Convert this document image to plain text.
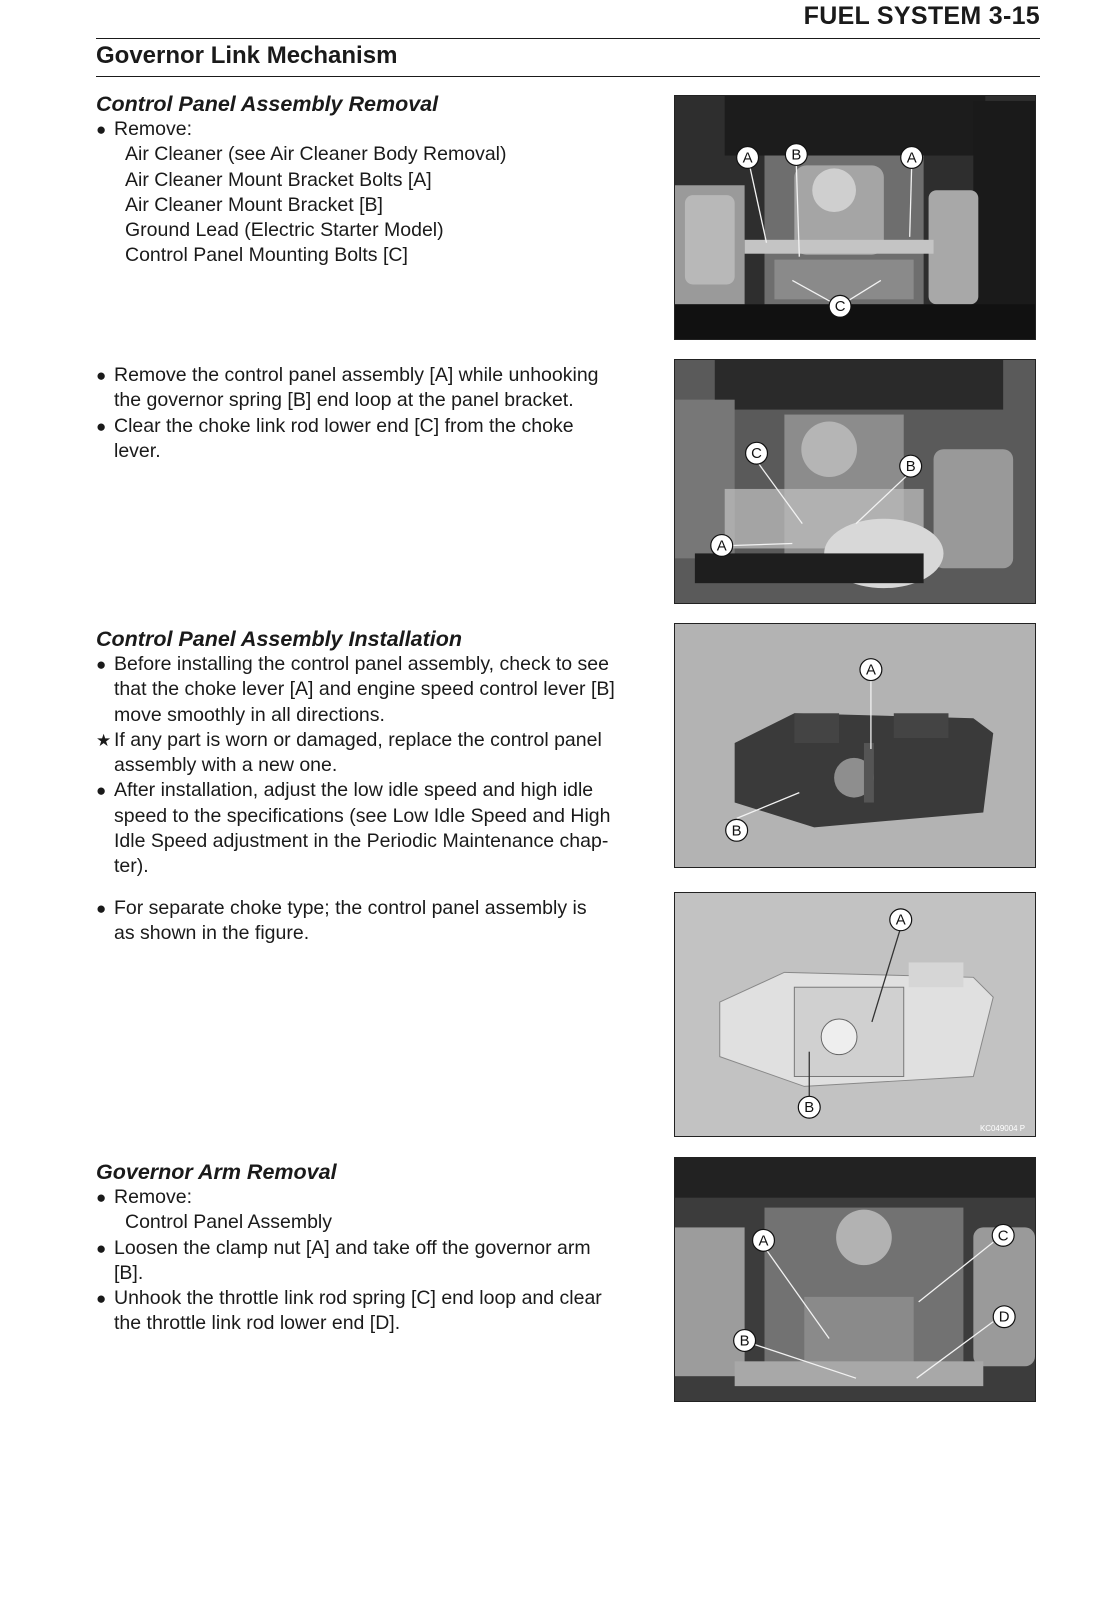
FUEL SYSTEM 3-15
Governor Link Mechanism
Control Panel Assembly Removal

● Remove:

Air Cleaner (see Air Cleaner Body Removal)

Air Cleaner Mount Bracket Bolts [A]

Air Cleaner Mount Bracket [B]

Ground Lead (Electric Starter Model)

Control Panel Mounting Bolts [C]

● Remove the control panel assembly [A] while unhooking
the governor spring [B] end loop at the panel bracket.

● Clear the choke link rod lower end [C] from the choke
lever.

Control Panel Assembly Installation

● Before installing the control panel assembly, check to see
that the choke lever [A] and engine speed control lever [B]
move smoothly in all directions.

★ If any part is worn or damaged, replace the control panel
assembly with a new one.

● After installation, adjust the low idle speed and high idle
speed to the specifications (see Low Idle Speed and High
Idle Speed adjustment in the Periodic Maintenance chap-
ter).

● For separate choke type; the control panel assembly is
as shown in the figure.

Governor Arm Removal

● Remove:

Control Panel Assembly

● Loosen the clamp nut [A] and take off the governor arm
[B].

● Unhook the throttle link rod spring [C] end loop and clear
the throttle link rod lower end [D].

A	B	A
C
C
B
A
A
B
A
B
KC049004 P
A	C
D
B
